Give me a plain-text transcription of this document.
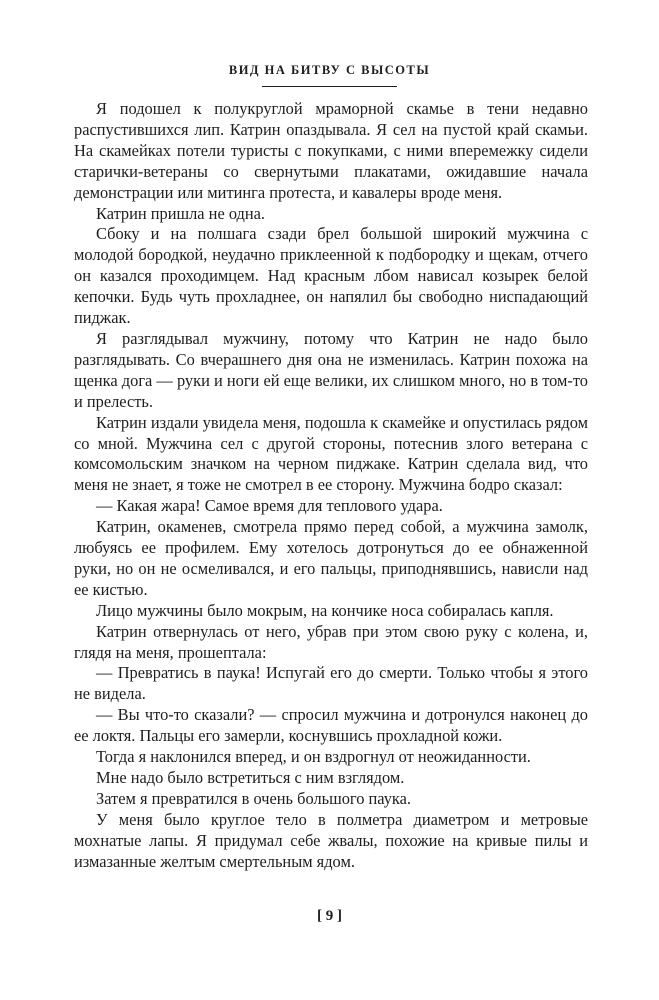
ВИД НА БИТВУ С ВЫСОТЫ

Я подошел к полукруглой мраморной скамье в тени недавно распустившихся лип. Катрин опаздывала. Я сел на пустой край скамьи. На скамейках потели туристы с покупками, с ними вперемежку сидели старички-ветераны со свернутыми плакатами, ожидавшие начала демонстрации или митинга протеста, и кавалеры вроде меня.

Катрин пришла не одна.

Сбоку и на полшага сзади брел большой широкий мужчина с молодой бородкой, неудачно приклеенной к подбородку и щекам, отчего он казался проходимцем. Над красным лбом нависал козырек белой кепочки. Будь чуть прохладнее, он напялил бы свободно ниспадающий пиджак.

Я разглядывал мужчину, потому что Катрин не надо было разглядывать. Со вчерашнего дня она не изменилась. Катрин похожа на щенка дога — руки и ноги ей еще велики, их слишком много, но в том-то и прелесть.

Катрин издали увидела меня, подошла к скамейке и опустилась рядом со мной. Мужчина сел с другой стороны, потеснив злого ветерана с комсомольским значком на черном пиджаке. Катрин сделала вид, что меня не знает, я тоже не смотрел в ее сторону. Мужчина бодро сказал:

— Какая жара! Самое время для теплового удара.

Катрин, окаменев, смотрела прямо перед собой, а мужчина замолк, любуясь ее профилем. Ему хотелось дотронуться до ее обнаженной руки, но он не осмеливался, и его пальцы, приподнявшись, нависли над ее кистью.

Лицо мужчины было мокрым, на кончике носа собиралась капля.

Катрин отвернулась от него, убрав при этом свою руку с колена, и, глядя на меня, прошептала:

— Превратись в паука! Испугай его до смерти. Только чтобы я этого не видела.

— Вы что-то сказали? — спросил мужчина и дотронулся наконец до ее локтя. Пальцы его замерли, коснувшись прохладной кожи.

Тогда я наклонился вперед, и он вздрогнул от неожиданности.

Мне надо было встретиться с ним взглядом.

Затем я превратился в очень большого паука.

У меня было круглое тело в полметра диаметром и метровые мохнатые лапы. Я придумал себе жвалы, похожие на кривые пилы и измазанные желтым смертельным ядом.

[ 9 ]
